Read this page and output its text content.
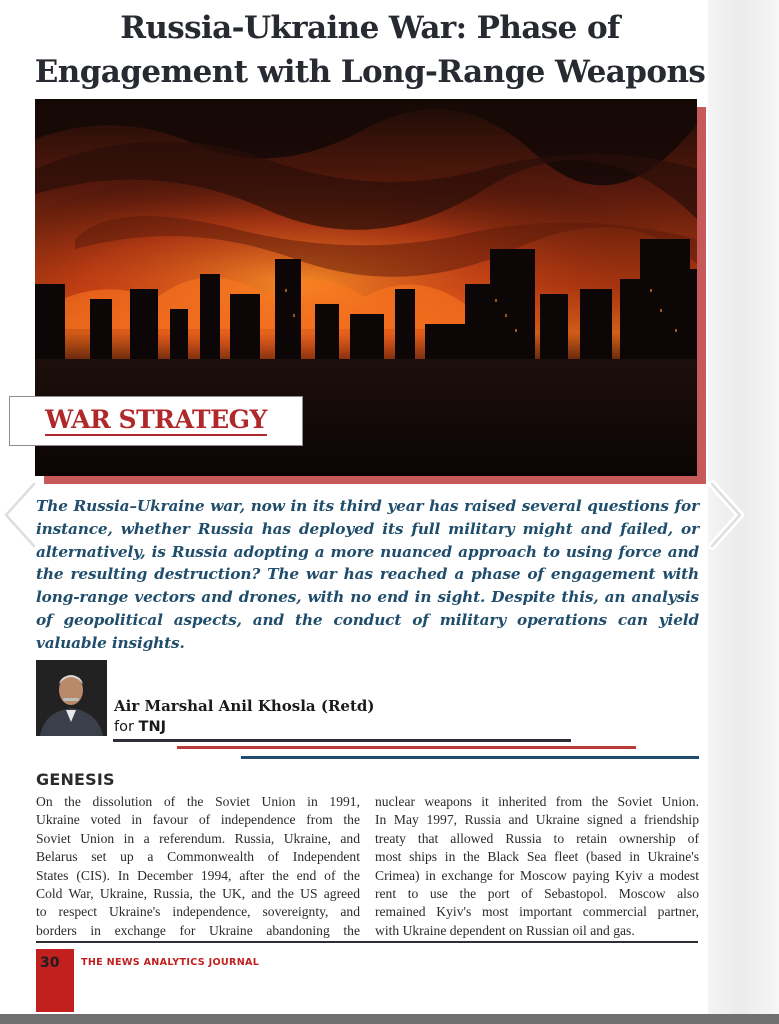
Russia-Ukraine War: Phase of
Engagement with Long-Range Weapons
WAR STRATEGY

The Russia–Ukraine war, now in its third year has raised several questions for instance, whether Russia has deployed its full military might and failed, or alternatively, is Russia adopting a more nuanced approach to using force and the resulting destruction? The war has reached a phase of engagement with long-range vectors and drones, with no end in sight. Despite this, an analysis of geopolitical aspects, and the conduct of military operations can yield valuable insights.

Air Marshal Anil Khosla (Retd)
for TNJ
GENESIS
On the dissolution of the Soviet Union in 1991,
Ukraine voted in favour of independence from the
Soviet Union in a referendum. Russia, Ukraine, and
Belarus set up a Commonwealth of Independent
States (CIS). In December 1994, after the end of the
Cold War, Ukraine, Russia, the UK, and the US agreed
to respect Ukraine's independence, sovereignty, and
borders in exchange for Ukraine abandoning the
nuclear weapons it inherited from the Soviet Union.
In May 1997, Russia and Ukraine signed a friendship
treaty that allowed Russia to retain ownership of
most ships in the Black Sea fleet (based in Ukraine's
Crimea) in exchange for Moscow paying Kyiv a modest
rent to use the port of Sebastopol. Moscow also
remained Kyiv's most important commercial partner,
with Ukraine dependent on Russian oil and gas.
30 THE NEWS ANALYTICS JOURNAL
